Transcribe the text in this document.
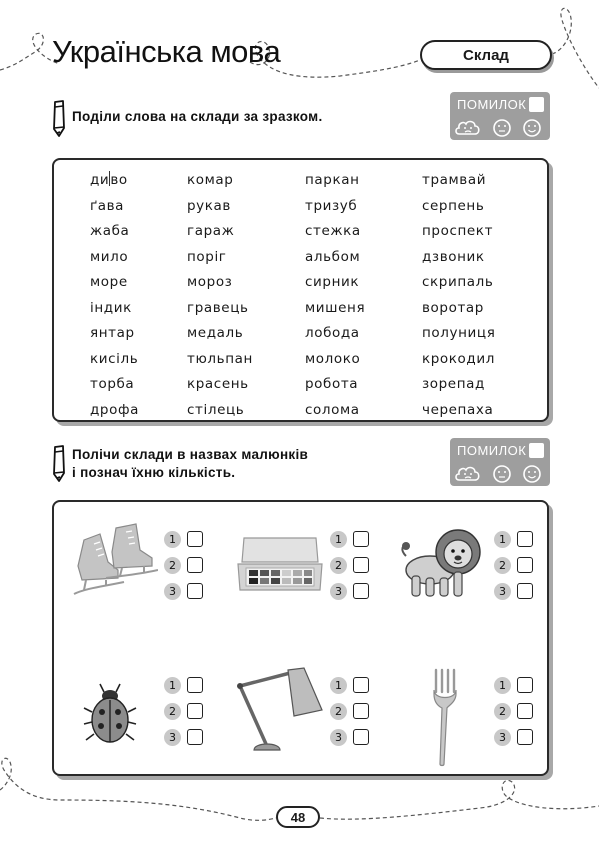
Українська мова	Склад
Поділи слова на склади за зразком.
ПОМИЛОК
диво
ґава
жаба
мило
море
індик
янтар
кисіль
торба
дрофа
комар
рукав
гараж
поріг
мороз
гравець
медаль
тюльпан
красень
стілець
паркан
тризуб
стежка
альбом
сирник
мишеня
лобода
молоко
робота
солома
трамвай
серпень
проспект
дзвоник
скрипаль
воротар
полуниця
крокодил
зорепад
черепаха
Полічи склади в назвах малюнків
і познач їхню кількість.
ПОМИЛОК
1
2
3
1
2
3
1
2
3
1
2
3
1
2
3
1
2
3
48
